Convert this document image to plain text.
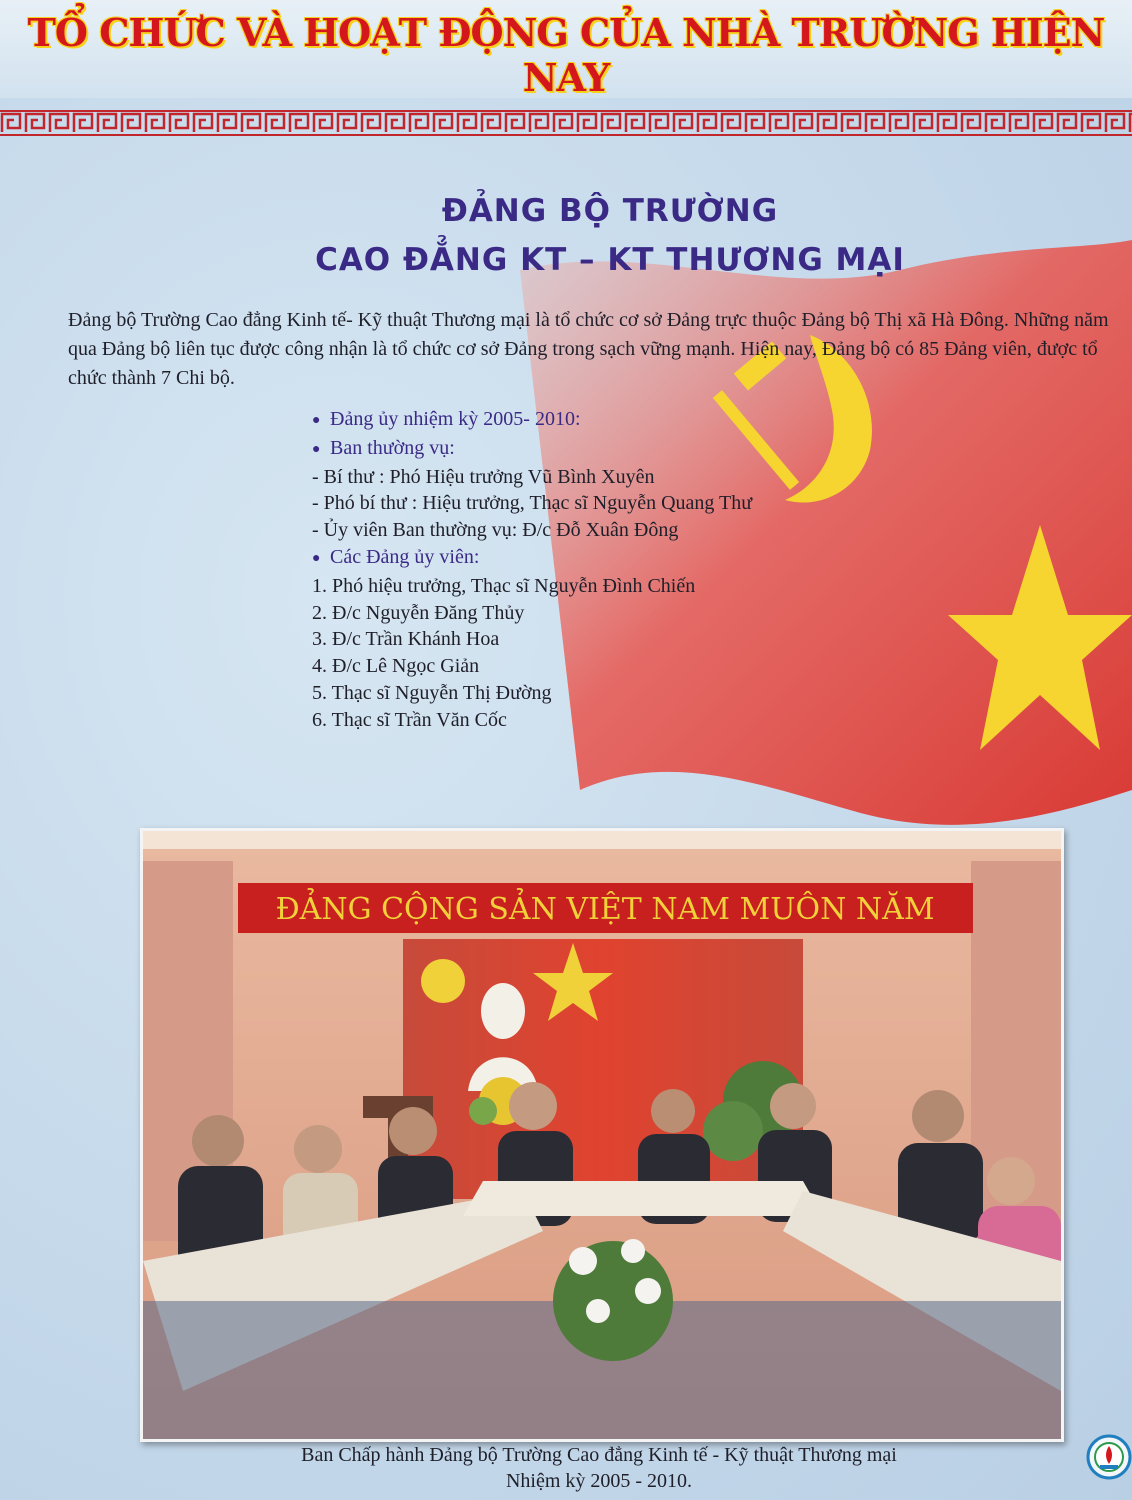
TỔ CHỨC VÀ HOẠT ĐỘNG CỦA NHÀ TRƯỜNG HIỆN NAY
ĐẢNG BỘ TRƯỜNG
CAO ĐẲNG KT – KT THƯƠNG MẠI

Đảng bộ Trường Cao đẳng Kinh tế- Kỹ thuật Thương mại là tổ chức cơ sở Đảng trực thuộc Đảng bộ Thị xã Hà Đông. Những năm qua Đảng bộ liên tục được công nhận là tổ chức cơ sở Đảng trong sạch vững mạnh. Hiện nay, Đảng bộ có 85 Đảng viên, được tổ chức thành 7 Chi bộ.

● Đảng ủy nhiệm kỳ 2005- 2010:
● Ban thường vụ:
- Bí thư : Phó Hiệu trưởng Vũ Bình Xuyên
- Phó bí thư : Hiệu trưởng, Thạc sĩ Nguyễn Quang Thư
- Ủy viên Ban thường vụ: Đ/c Đỗ Xuân Đông
● Các Đảng ủy viên:
1. Phó hiệu trưởng, Thạc sĩ Nguyễn Đình Chiến
2. Đ/c Nguyễn Đăng Thủy
3. Đ/c Trần Khánh Hoa
4. Đ/c Lê Ngọc Giản
5. Thạc sĩ Nguyễn Thị Đường
6. Thạc sĩ Trần Văn Cốc
ĐẢNG CỘNG SẢN VIỆT NAM MUÔN NĂM
Ban Chấp hành Đảng bộ Trường Cao đẳng Kinh tế - Kỹ thuật Thương mại
Nhiệm kỳ 2005 - 2010.
